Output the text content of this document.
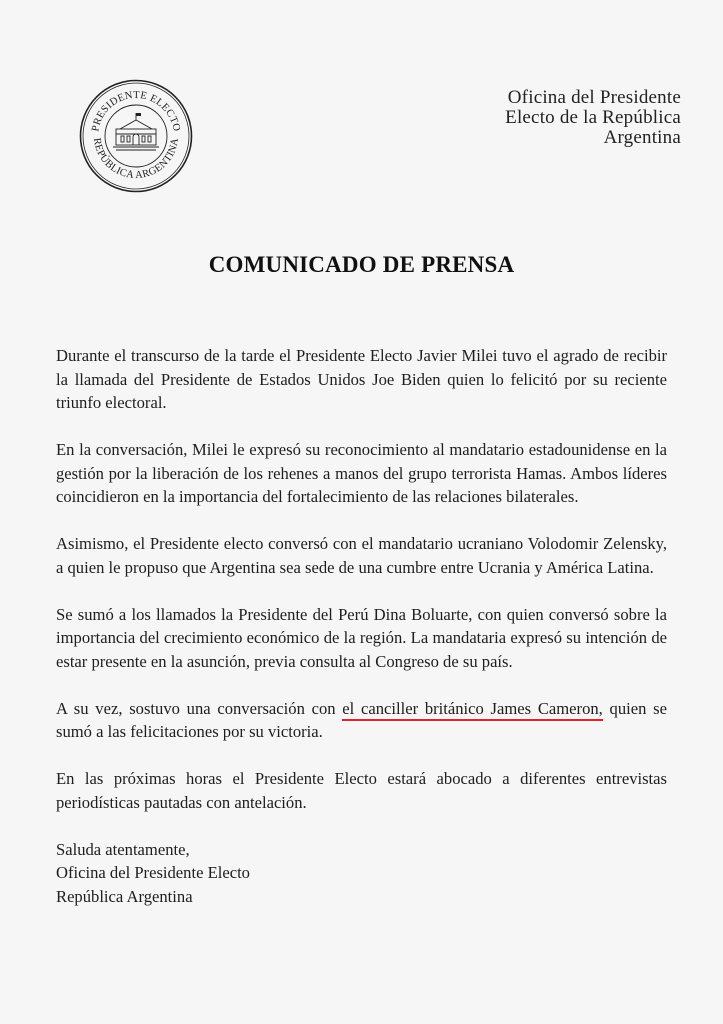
PRESIDENTE ELECTO
REPÚBLICA ARGENTINA
Oficina del Presidente
Electo de la República
Argentina
COMUNICADO DE PRENSA

Durante el transcurso de la tarde el Presidente Electo Javier Milei tuvo el agrado de recibir la llamada del Presidente de Estados Unidos Joe Biden quien lo felicitó por su reciente triunfo electoral.

En la conversación, Milei le expresó su reconocimiento al mandatario estadounidense en la gestión por la liberación de los rehenes a manos del grupo terrorista Hamas. Ambos líderes coincidieron en la importancia del fortalecimiento de las relaciones bilaterales.

Asimismo, el Presidente electo conversó con el mandatario ucraniano Volodomir Zelensky, a quien le propuso que Argentina sea sede de una cumbre entre Ucrania y América Latina.

Se sumó a los llamados la Presidente del Perú Dina Boluarte, con quien conversó sobre la importancia del crecimiento económico de la región. La mandataria expresó su intención de estar presente en la asunción, previa consulta al Congreso de su país.

A su vez, sostuvo una conversación con el canciller británico James Cameron, quien se sumó a las felicitaciones por su victoria.

En las próximas horas el Presidente Electo estará abocado a diferentes entrevistas periodísticas pautadas con antelación.

Saluda atentamente,

Oficina del Presidente Electo

República Argentina
